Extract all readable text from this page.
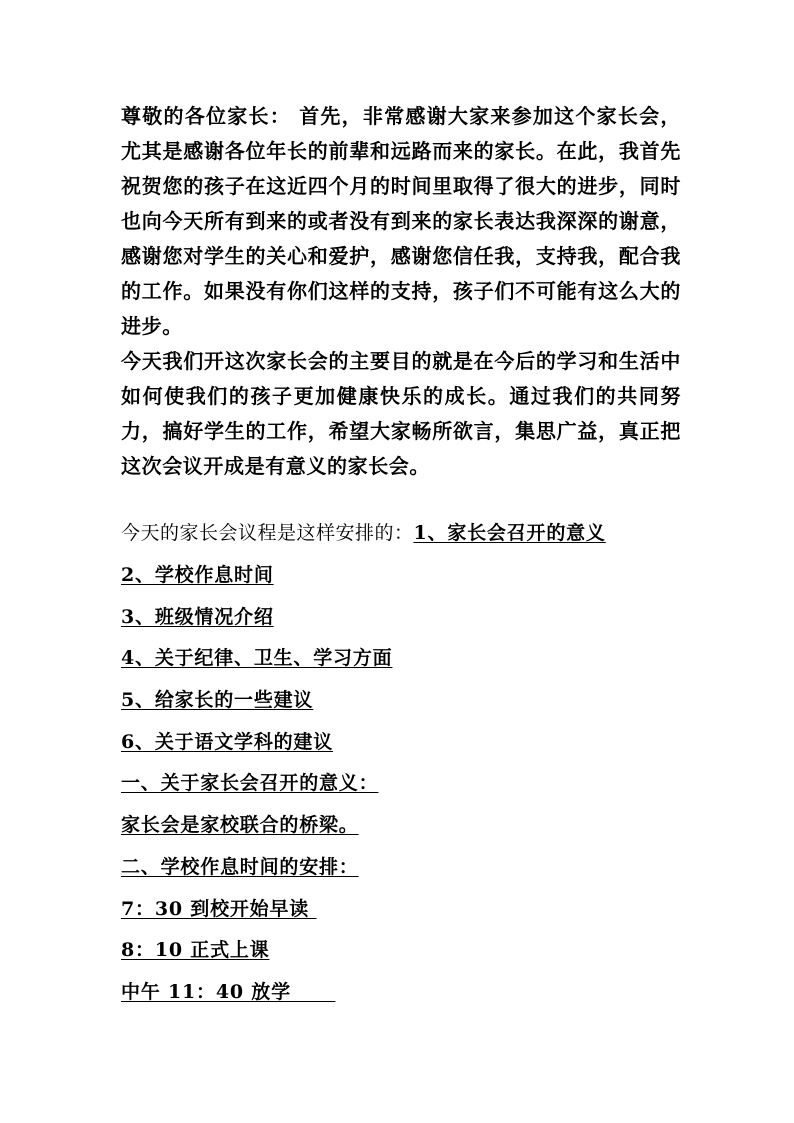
尊敬的各位家长： 首先，非常感谢大家来参加这个家长会，尤其是感谢各位年长的前辈和远路而来的家长。在此，我首先祝贺您的孩子在这近四个月的时间里取得了很大的进步，同时也向今天所有到来的或者没有到来的家长表达我深深的谢意，感谢您对学生的关心和爱护，感谢您信任我，支持我，配合我的工作。如果没有你们这样的支持，孩子们不可能有这么大的进步。
今天我们开这次家长会的主要目的就是在今后的学习和生活中如何使我们的孩子更加健康快乐的成长。通过我们的共同努力，搞好学生的工作，希望大家畅所欲言，集思广益，真正把这次会议开成是有意义的家长会。
今天的家长会议程是这样安排的：1、家长会召开的意义
2、学校作息时间
3、班级情况介绍
4、关于纪律、卫生、学习方面
5、给家长的一些建议
6、关于语文学科的建议
一、关于家长会召开的意义：
家长会是家校联合的桥梁。
二、学校作息时间的安排：
7：30 到校开始早读
8：10 正式上课
中午 11：40 放学
